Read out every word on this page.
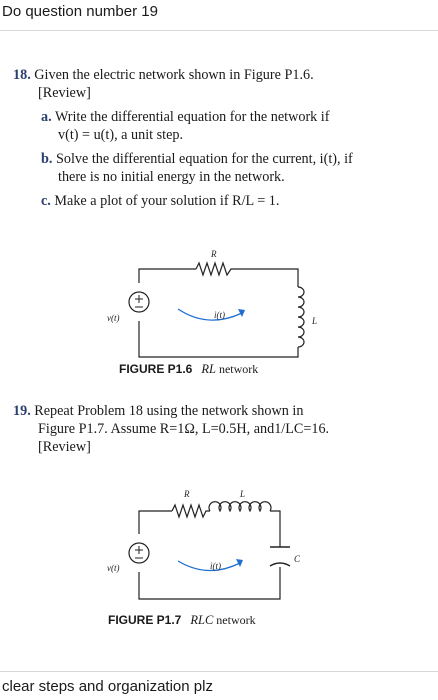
Do question number 19
18. Given the electric network shown in Figure P1.6.
[Review]
a. Write the differential equation for the network if
v(t) = u(t), a unit step.
b. Solve the differential equation for the current, i(t), if
there is no initial energy in the network.
c. Make a plot of your solution if R/L = 1.
R
L
v(t)	i(t)
FIGURE P1.6 RL network
19. Repeat Problem 18 using the network shown in
Figure P1.7. Assume R=1Ω, L=0.5H, and1/LC=16.
[Review]
R	L
C
v(t)	i(t)
FIGURE P1.7 RLC network
clear steps and organization plz
